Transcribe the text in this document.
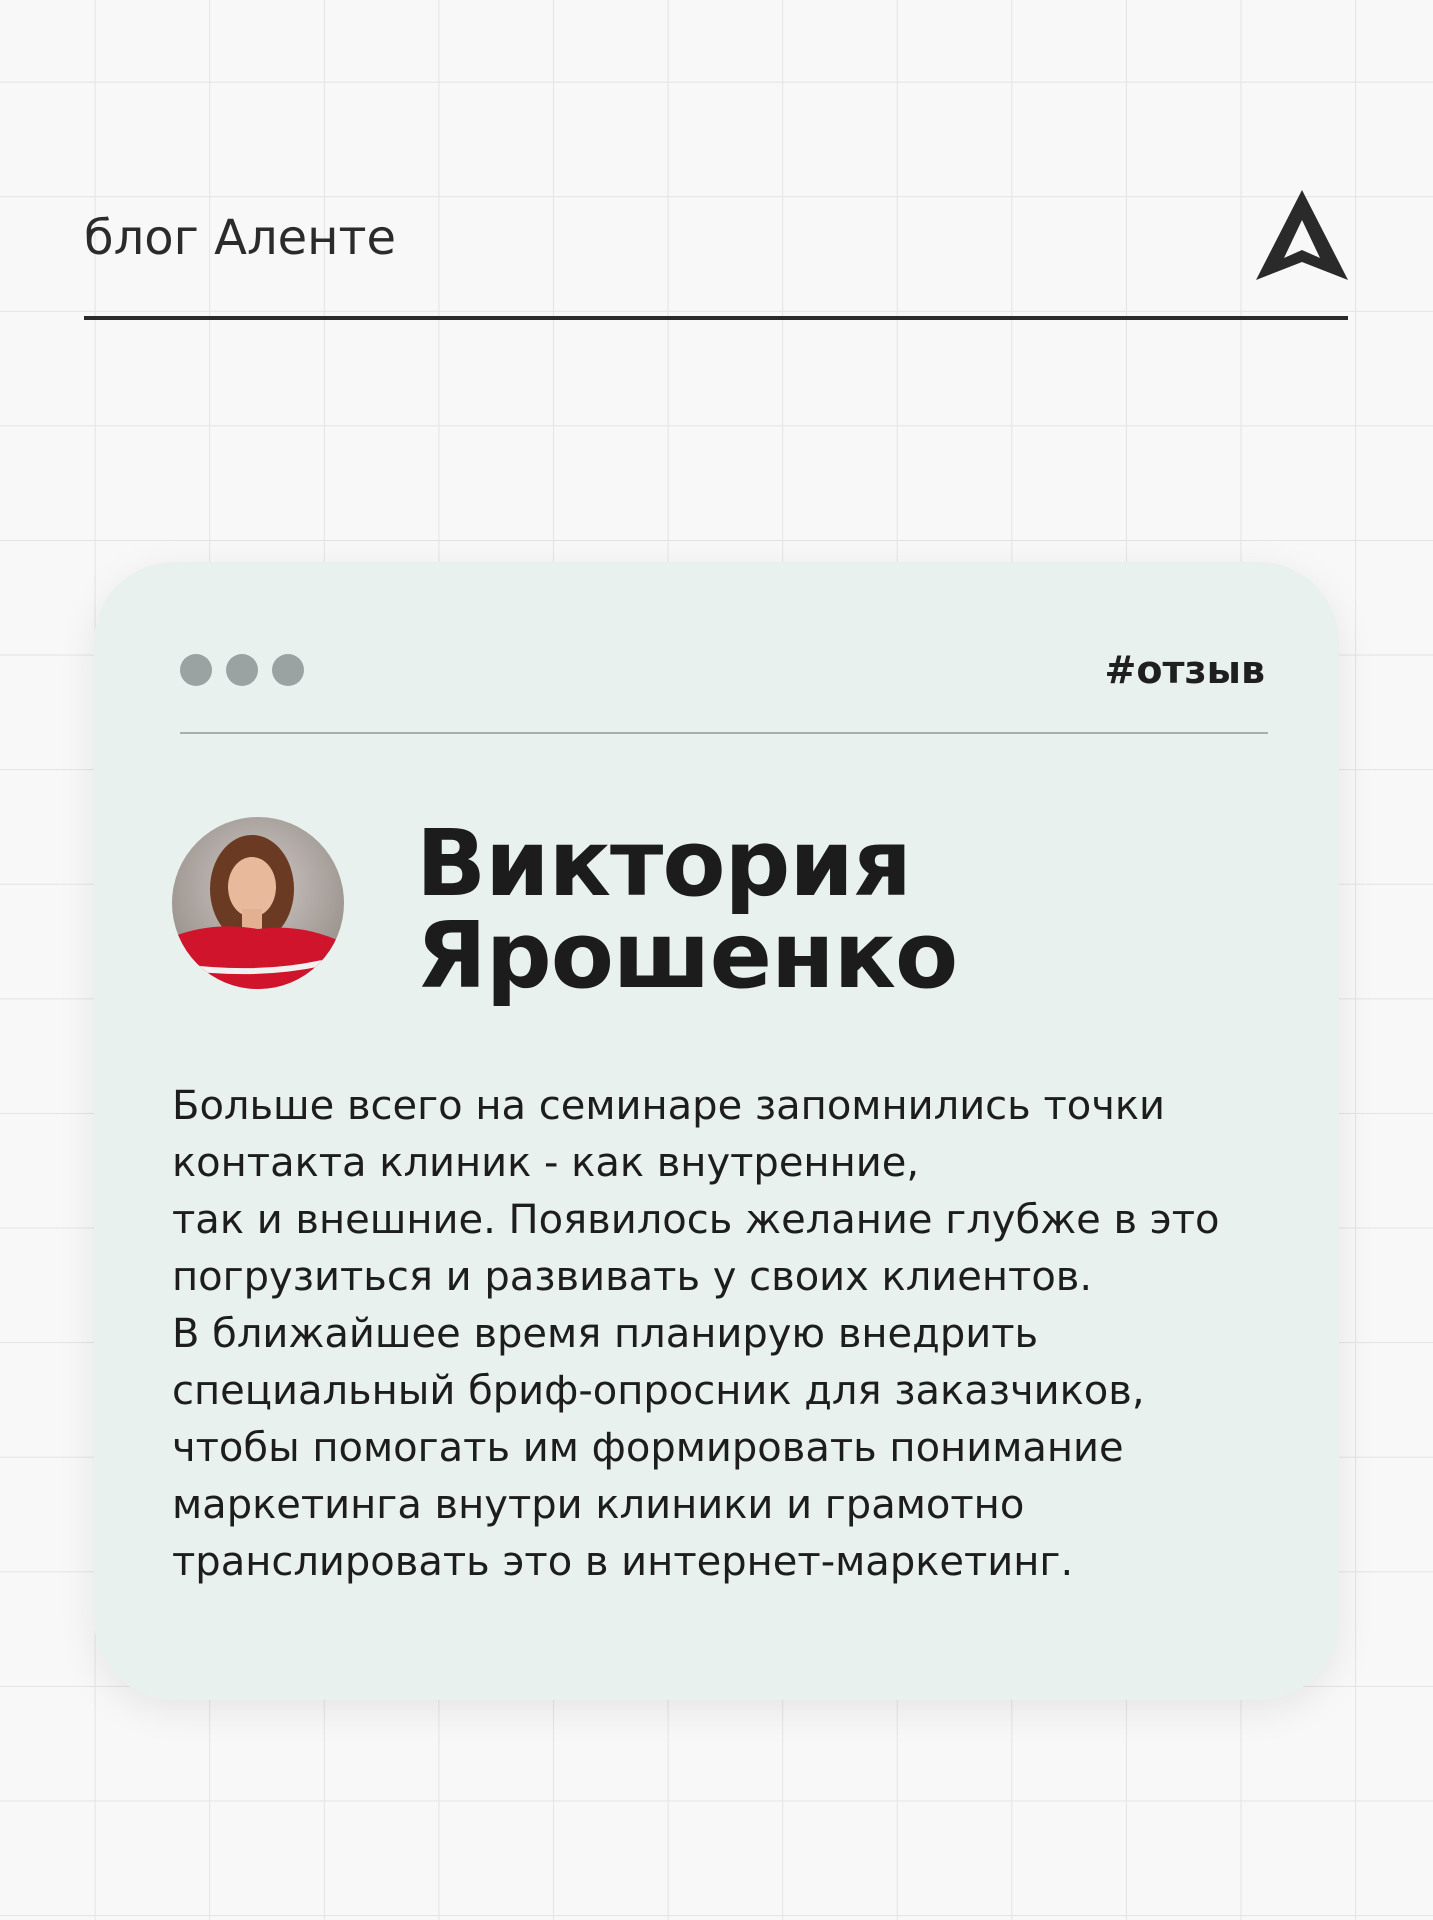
блог Аленте

#отзыв
Виктория
Ярошенко

Больше всего на семинаре запомнились точки
контакта клиник - как внутренние,
так и внешние. Появилось желание глубже в это
погрузиться и развивать у своих клиентов.
В ближайшее время планирую внедрить
специальный бриф-опросник для заказчиков,
чтобы помогать им формировать понимание
маркетинга внутри клиники и грамотно
транслировать это в интернет-маркетинг.
